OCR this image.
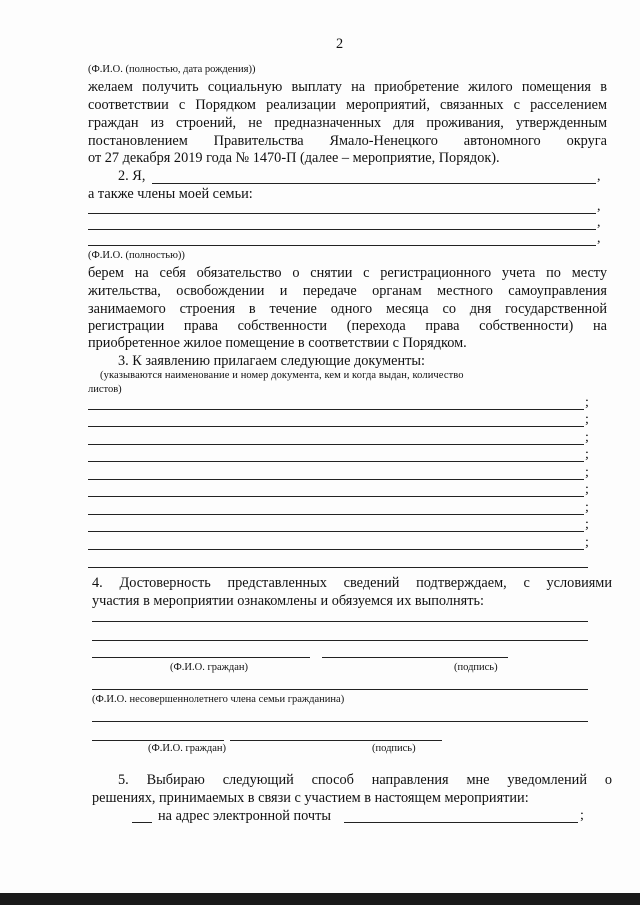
2
(Ф.И.О. (полностью, дата рождения))
желаем получить социальную выплату на приобретение жилого помещения в
соответствии с Порядком реализации мероприятий, связанных с расселением
граждан из строений, не предназначенных для проживания, утвержденным
постановлением Правительства Ямало-Ненецкого автономного округа
от 27 декабря 2019 года № 1470-П (далее – мероприятие, Порядок).
2. Я,	,
а также члены моей семьи:
,
,
,
(Ф.И.О. (полностью))
берем на себя обязательство о снятии с регистрационного учета по месту
жительства, освобождении и передаче органам местного самоуправления
занимаемого строения в течение одного месяца со дня государственной
регистрации права собственности (перехода права собственности) на
приобретенное жилое помещение в соответствии с Порядком.
3. К заявлению прилагаем следующие документы:
(указываются наименование и номер документа, кем и когда выдан, количество
листов)
;
;
;
;
;
;
;
;
;
4. Достоверность представленных сведений подтверждаем, с условиями
участия в мероприятии ознакомлены и обязуемся их выполнять:
(Ф.И.О. граждан)	(подпись)
(Ф.И.О. несовершеннолетнего члена семьи гражданина)
(Ф.И.О. граждан)	(подпись)
5. Выбираю следующий способ направления мне уведомлений о
решениях, принимаемых в связи с участием в настоящем мероприятии:
на адрес электронной почты	;
